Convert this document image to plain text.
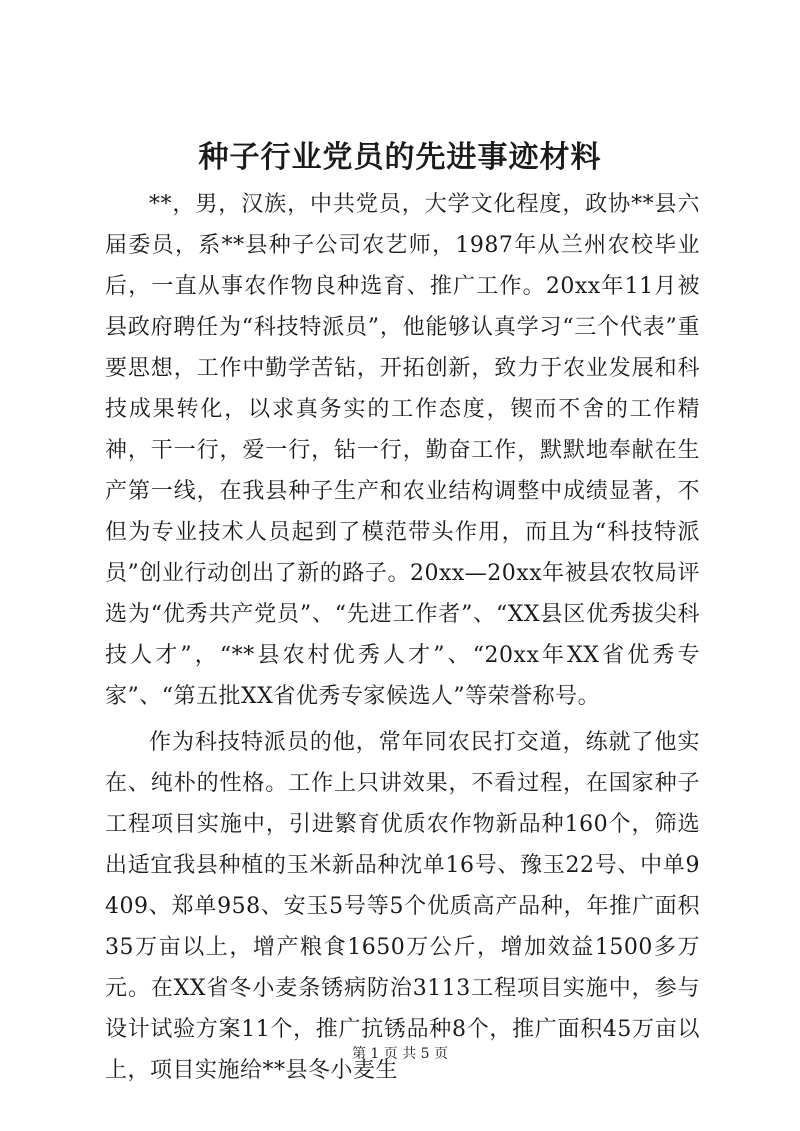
种子行业党员的先进事迹材料

**，男，汉族，中共党员，大学文化程度，政协**县六届委员，系**县种子公司农艺师，1987年从兰州农校毕业后，一直从事农作物良种选育、推广工作。20xx年11月被县政府聘任为“科技特派员”，他能够认真学习“三个代表”重要思想，工作中勤学苦钻，开拓创新，致力于农业发展和科技成果转化，以求真务实的工作态度，锲而不舍的工作精神，干一行，爱一行，钻一行，勤奋工作，默默地奉献在生产第一线，在我县种子生产和农业结构调整中成绩显著，不但为专业技术人员起到了模范带头作用，而且为“科技特派员”创业行动创出了新的路子。20xx—20xx年被县农牧局评选为“优秀共产党员”、“先进工作者”、“XX县区优秀拔尖科技人才”，“**县农村优秀人才”、“20xx年XX省优秀专家”、“第五批XX省优秀专家候选人”等荣誉称号。

作为科技特派员的他，常年同农民打交道，练就了他实在、纯朴的性格。工作上只讲效果，不看过程，在国家种子工程项目实施中，引进繁育优质农作物新品种160个，筛选出适宜我县种植的玉米新品种沈单16号、豫玉22号、中单9409、郑单958、安玉5号等5个优质高产品种，年推广面积35万亩以上，增产粮食1650万公斤，增加效益1500多万元。在XX省冬小麦条锈病防治3113工程项目实施中，参与设计试验方案11个，推广抗锈品种8个，推广面积45万亩以上，项目实施给**县冬小麦生

第 1 页 共 5 页
